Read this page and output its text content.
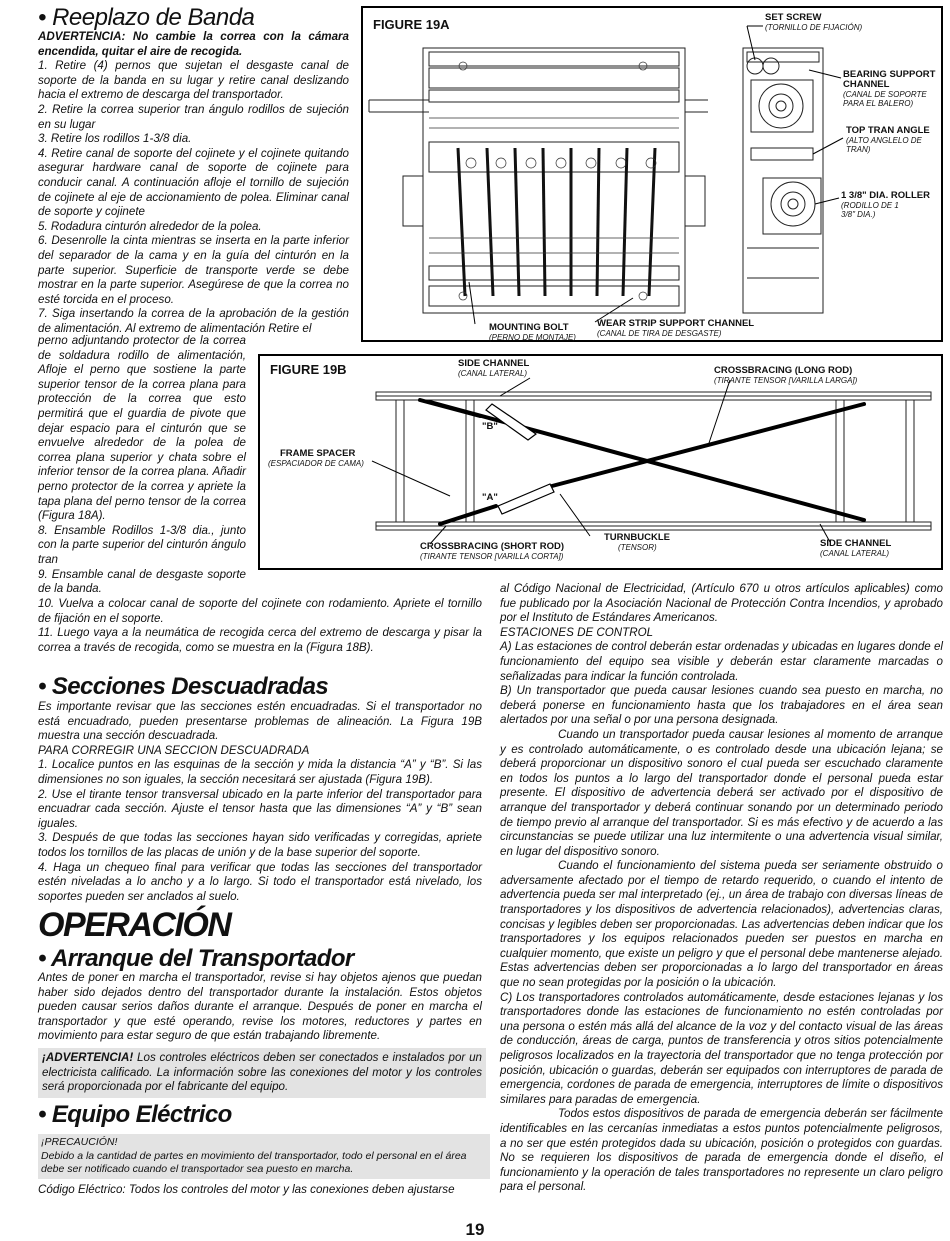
• Reeplazo de Banda

ADVERTENCIA: No cambie la correa con la cámara encendida, quitar el aire de recogida.

1. Retire (4) pernos que sujetan el desgaste canal de soporte de la banda en su lugar y retire canal deslizando hacia el extremo de descarga del transportador.

2. Retire la correa superior tran ángulo rodillos de sujeción en su lugar

3. Retire los rodillos 1-3/8 dia.

4. Retire canal de soporte del cojinete y el cojinete quitando asegurar hardware canal de soporte de cojinete para conducir canal. A continuación afloje el tornillo de sujeción de cojinete al eje de accionamiento de polea. Eliminar canal de soporte y cojinete

5. Rodadura cinturón alrededor de la polea.

6. Desenrolle la cinta mientras se inserta en la parte inferior del separador de la cama y en la guía del cinturón en la parte superior. Superficie de transporte verde se debe mostrar en la parte superior. Asegúrese de que la correa no esté torcida en el proceso.

7. Siga insertando la correa de la aprobación de la gestión de alimentación. Al extremo de alimentación Retire el

perno adjuntando protector de la correa de soldadura rodillo de alimentación, Afloje el perno que sostiene la parte superior tensor de la correa plana para protección de la correa que esto permitirá que el guardia de pivote que dejar espacio para el cinturón que se envuelve alrededor de la polea de correa plana superior y chata sobre el inferior tensor de la correa plana. Añadir perno protector de la correa y apriete la tapa plana del perno tensor de la correa (Figura 18A).

8. Ensamble Rodillos 1-3/8 dia., junto con la parte superior del cinturón ángulo tran

9. Ensamble canal de desgaste soporte de la banda.

10. Vuelva a colocar canal de soporte del cojinete con rodamiento. Apriete el tornillo de fijación en el soporte.

11. Luego vaya a la neumática de recogida cerca del extremo de descarga y pisar la correa a través de recogida, como se muestra en la (Figura 18B).

FIGURE 19A	SET SCREW
(TORNILLO DE FIJACIÓN)
BEARING SUPPORT CHANNEL
(CANAL DE SOPORTE PARA EL BALERO)
TOP TRAN ANGLE
(ALTO ANGLELO DE TRAN)
1 3/8" DIA. ROLLER
(RODILLO DE 1 3/8" DIA.)
MOUNTING BOLT
(PERNO DE MONTAJE)
WEAR STRIP SUPPORT CHANNEL
(CANAL DE TIRA DE DESGASTE)
FIGURE 19B
"B"
"A"
SIDE CHANNEL
(CANAL LATERAL)	CROSSBRACING (LONG ROD)
(TIRANTE TENSOR [VARILLA LARGA])
FRAME SPACER
(ESPACIADOR DE CAMA)
CROSSBRACING (SHORT ROD)
(TIRANTE TENSOR [VARILLA CORTA])
TURNBUCKLE
(TENSOR)	SIDE CHANNEL
(CANAL LATERAL)
• Secciones Descuadradas

Es importante revisar que las secciones estén encuadradas. Si el transportador no está encuadrado, pueden presentarse problemas de alineación. La Figura 19B muestra una sección descuadrada.

PARA CORREGIR UNA SECCION DESCUADRADA

1. Localice puntos en las esquinas de la sección y mida la distancia “A” y “B”. Si las dimensiones no son iguales, la sección necesitará ser ajustada (Figura 19B).

2. Use el tirante tensor transversal ubicado en la parte inferior del transportador para encuadrar cada sección. Ajuste el tensor hasta que las dimensiones “A” y “B” sean iguales.

3. Después de que todas las secciones hayan sido verificadas y corregidas, apriete todos los tornillos de las placas de unión y de la base superior del soporte.

4. Haga un chequeo final para verificar que todas las secciones del transportador estén niveladas a lo ancho y a lo largo. Si todo el transportador está nivelado, los soportes pueden ser anclados al suelo.

OPERACIÓN
• Arranque del Transportador

Antes de poner en marcha el transportador, revise si hay objetos ajenos que puedan haber sido dejados dentro del transportador durante la instalación. Estos objetos pueden causar serios daños durante el arranque. Después de poner en marcha el transportador y que esté operando, revise los motores, reductores y partes en movimiento para estar seguro de que están trabajando libremente.

¡ADVERTENCIA! Los controles eléctricos deben ser conectados e instalados por un electricista calificado. La información sobre las conexiones del motor y los controles será proporcionada por el fabricante del equipo.

• Equipo Eléctrico
¡PRECAUCIÓN!
Debido a la cantidad de partes en movimiento del transportador, todo el personal en el área debe ser notificado cuando el transportador sea puesto en marcha.
Código Eléctrico: Todos los controles del motor y las conexiones deben ajustarse

al Código Nacional de Electricidad, (Artículo 670 u otros artículos aplicables) como fue publicado por la Asociación Nacional de Protección Contra Incendios, y aprobado por el Instituto de Estándares Americanos.

ESTACIONES DE CONTROL

A) Las estaciones de control deberán estar ordenadas y ubicadas en lugares donde el funcionamiento del equipo sea visible y deberán estar claramente marcadas o señalizadas para indicar la función controlada.

B) Un transportador que pueda causar lesiones cuando sea puesto en marcha, no deberá ponerse en funcionamiento hasta que los trabajadores en el área sean alertados por una señal o por una persona designada.

Cuando un transportador pueda causar lesiones al momento de arranque y es controlado automáticamente, o es controlado desde una ubicación lejana; se deberá proporcionar un dispositivo sonoro el cual pueda ser escuchado claramente en todos los puntos a lo largo del transportador donde el personal pueda estar presente. El dispositivo de advertencia deberá ser activado por el dispositivo de arranque del transportador y deberá continuar sonando por un determinado periodo de tiempo previo al arranque del transportador. Si es más efectivo y de acuerdo a las circunstancias se puede utilizar una luz intermitente o una advertencia visual similar, en lugar del dispositivo sonoro.

Cuando el funcionamiento del sistema pueda ser seriamente obstruido o adversamente afectado por el tiempo de retardo requerido, o cuando el intento de advertencia pueda ser mal interpretado (ej., un área de trabajo con diversas líneas de transportadores y los dispositivos de advertencia relacionados), advertencias claras, concisas y legibles deben ser proporcionadas. Las advertencias deben indicar que los transportadores y los equipos relacionados pueden ser puestos en marcha en cualquier momento, que existe un peligro y que el personal debe mantenerse alejado. Estas advertencias deben ser proporcionadas a lo largo del transportador en áreas que no sean protegidas por la posición o la ubicación.

C) Los transportadores controlados automáticamente, desde estaciones lejanas y los transportadores donde las estaciones de funcionamiento no estén controladas por una persona o estén más allá del alcance de la voz y del contacto visual de las áreas de conducción, áreas de carga, puntos de transferencia y otros sitios potencialmente peligrosos localizados en la trayectoria del transportador que no tenga protección por posición, ubicación o guardas, deberán ser equipados con interruptores de parada de emergencia, cordones de parada de emergencia, interruptores de límite o dispositivos similares para paradas de emergencia.

Todos estos dispositivos de parada de emergencia deberán ser fácilmente identificables en las cercanías inmediatas a estos puntos potencialmente peligrosos, a no ser que estén protegidos dada su ubicación, posición o protegidos con guardas. No se requieren los dispositivos de parada de emergencia donde el diseño, el funcionamiento y la operación de tales transportadores no represente un claro peligro para el personal.

19
